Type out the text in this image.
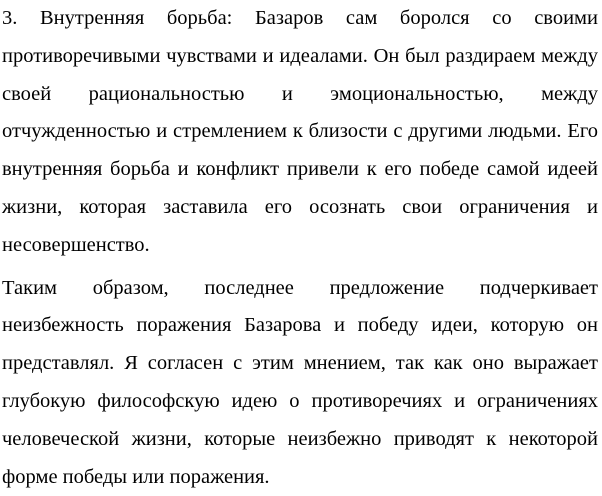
3. Внутренняя борьба: Базаров сам боролся со своими противоречивыми чувствами и идеалами. Он был раздираем между своей рациональностью и эмоциональностью, между отчужденностью и стремлением к близости с другими людьми. Его внутренняя борьба и конфликт привели к его победе самой идеей жизни, которая заставила его осознать свои ограничения и несовершенство.

Таким образом, последнее предложение подчеркивает неизбежность поражения Базарова и победу идеи, которую он представлял. Я согласен с этим мнением, так как оно выражает глубокую философскую идею о противоречиях и ограничениях человеческой жизни, которые неизбежно приводят к некоторой форме победы или поражения.
